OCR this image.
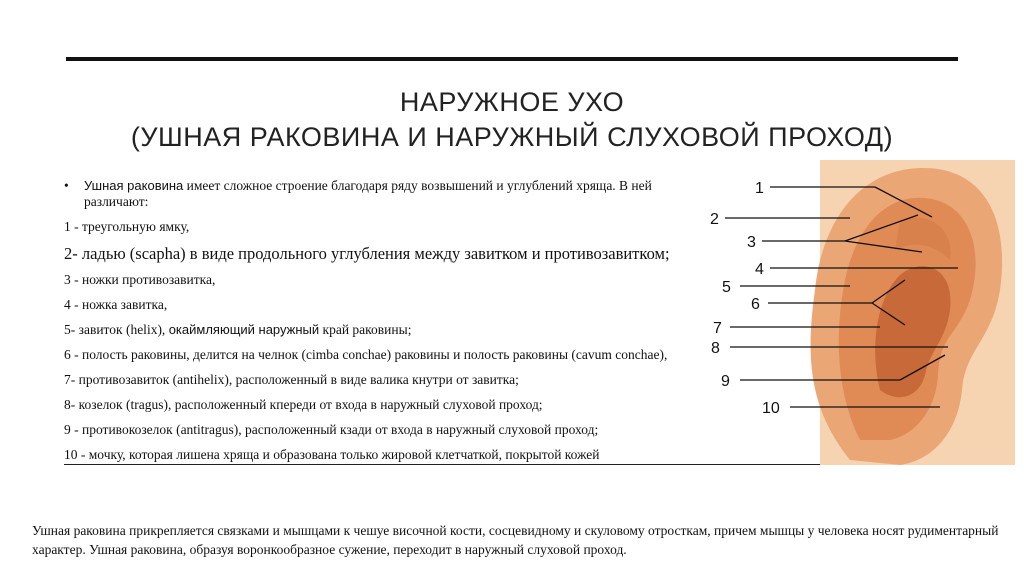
НАРУЖНОЕ УХО
(УШНАЯ РАКОВИНА И НАРУЖНЫЙ СЛУХОВОЙ ПРОХОД)

• Ушная раковина имеет сложное строение благодаря ряду возвышений и углублений хряща. В ней различают:

1 - треугольную ямку,

2- ладью (scapha) в виде продольного углубления между завитком и противозавитком;

3 - ножки противозавитка,

4 - ножка завитка,

5- завиток (helix), окаймляющий наружный край раковины;

6 - полость раковины, делится на челнок (cimba conchae) раковины и полость раковины (cavum conchae),

7- противозавиток (antihelix), расположенный в виде валика кнутри от завитка;

8- козелок (tragus), расположенный кпереди от входа в наружный слуховой проход;

9 - противокозелок (antitragus), расположенный кзади от входа в наружный слуховой проход;

10 - мочку, которая лишена хряща и образована только жировой клетчаткой, покрытой кожей

Ушная раковина прикрепляется связками и мышцами к чешуе височной кости, сосцевидному и скуловому отросткам, причем мышцы у человека носят рудиментарный характер. Ушная раковина, образуя воронкообразное сужение, переходит в наружный слуховой проход.
1
2
3
4
5
6
7
8
9
10
